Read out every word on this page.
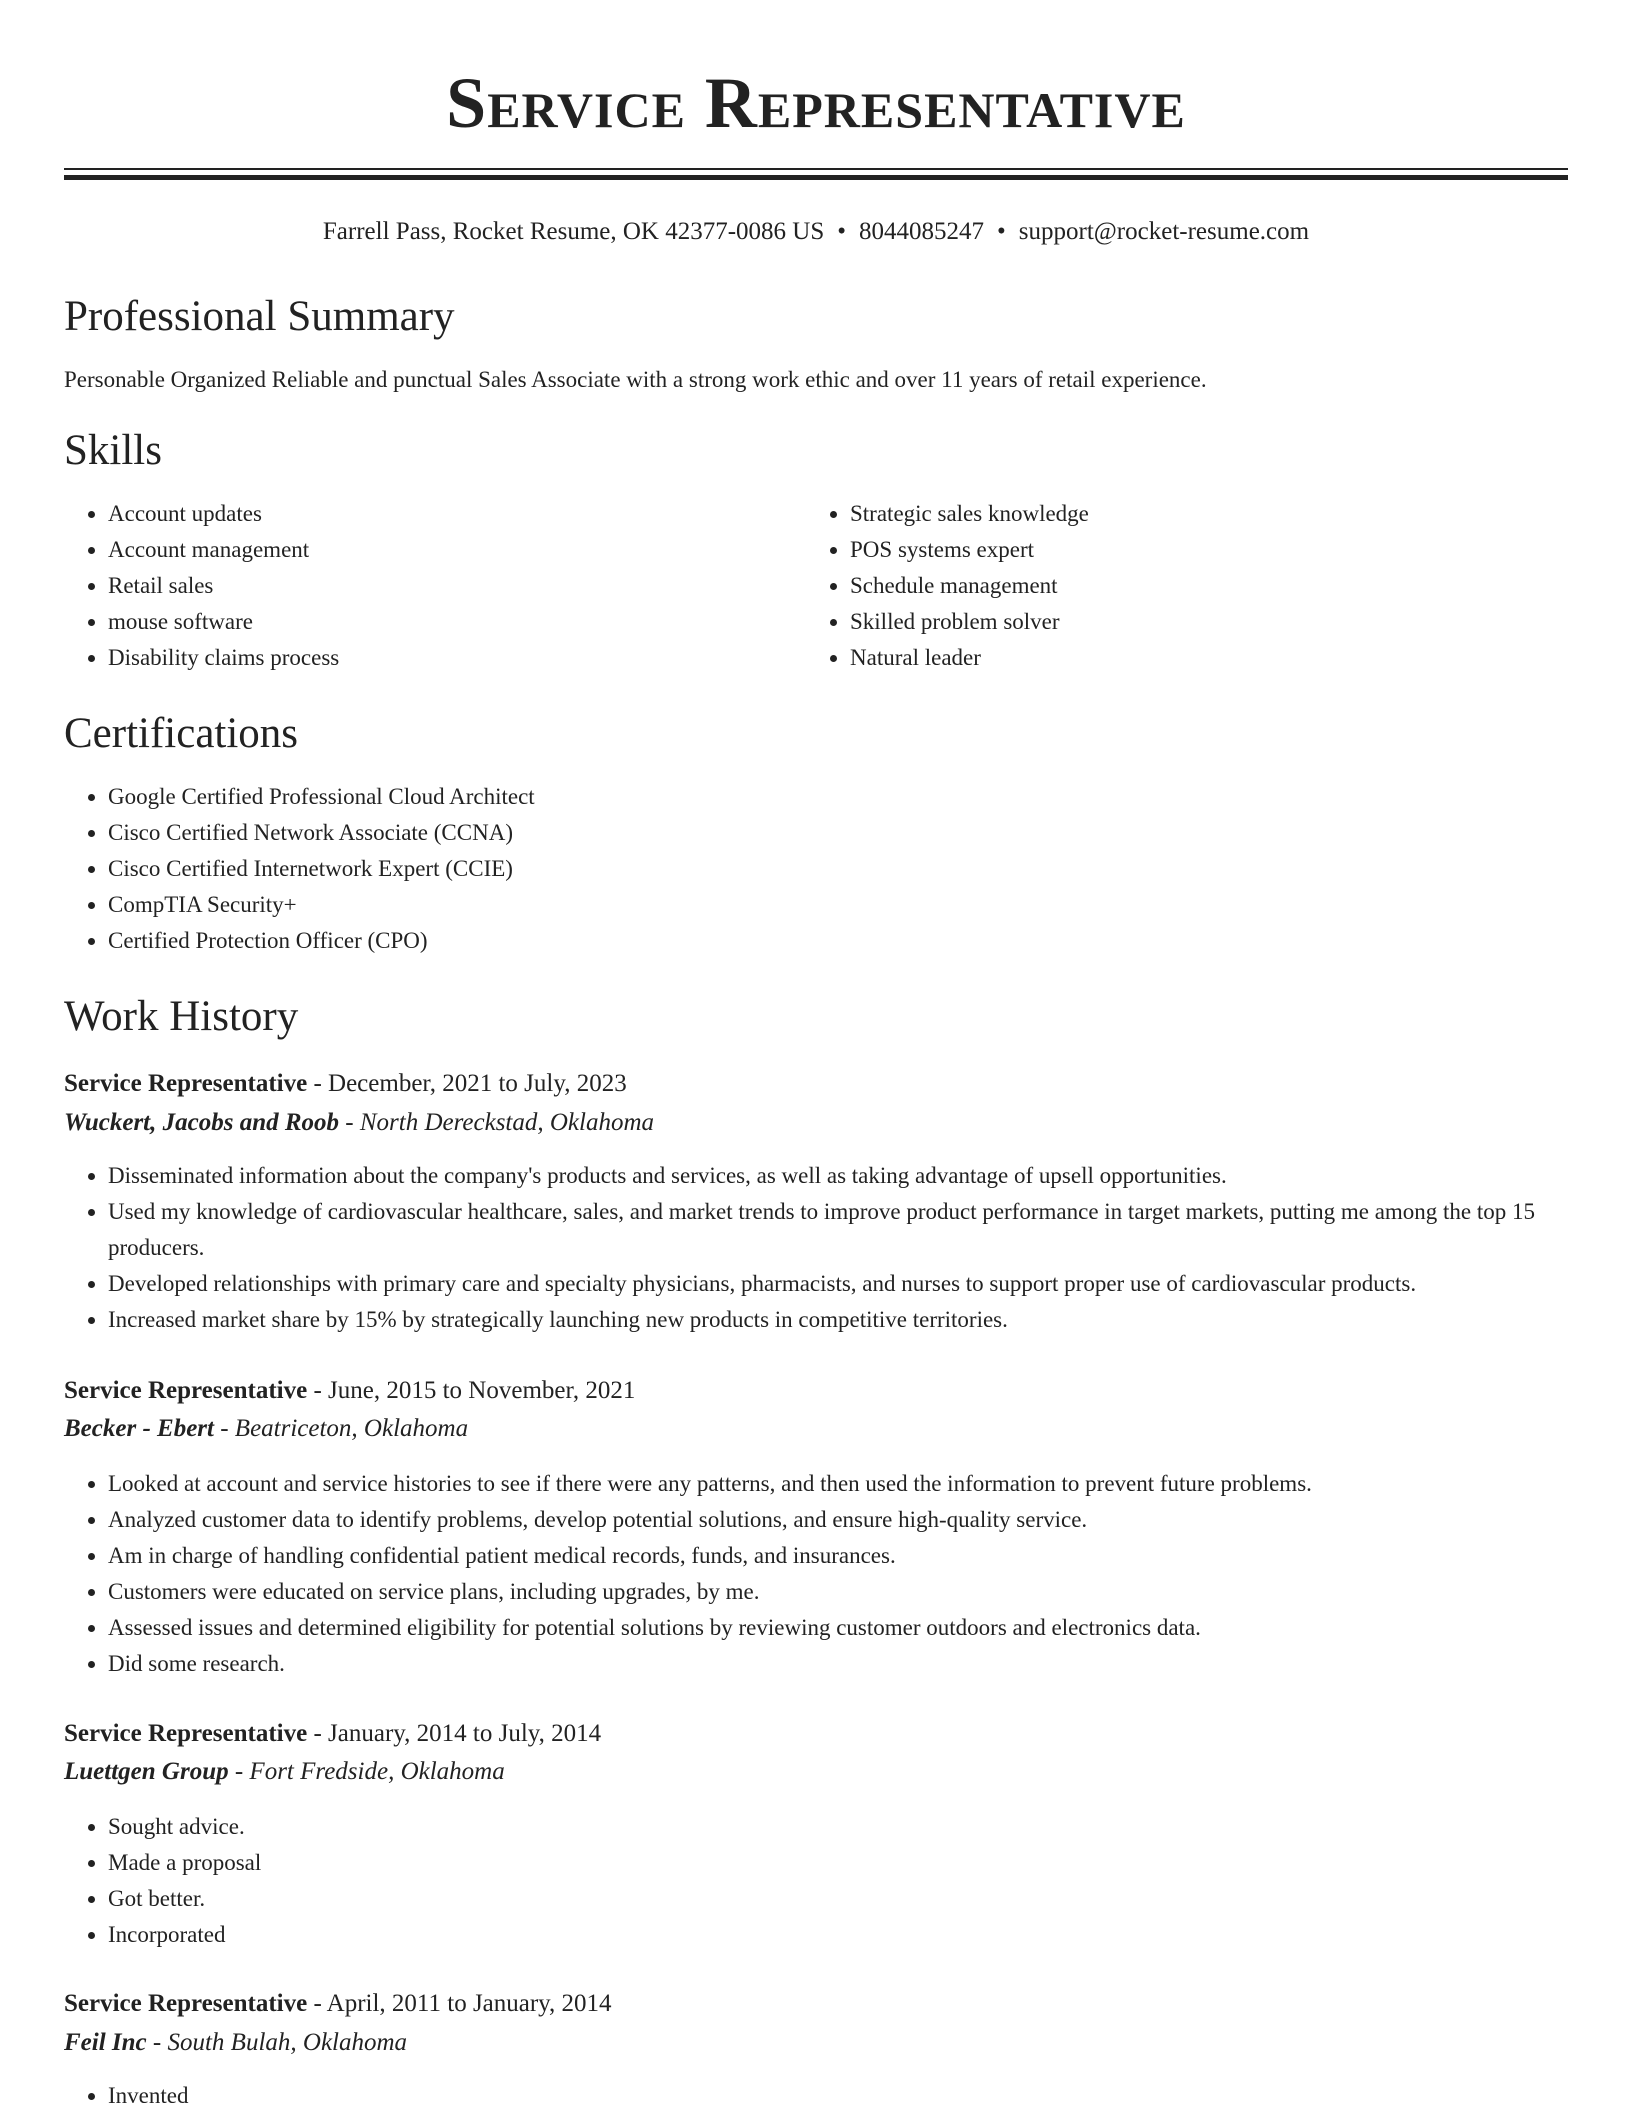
Service Representative
Farrell Pass, Rocket Resume, OK 42377-0086 US • 8044085247 • support@rocket-resume.com
Professional Summary
Personable Organized Reliable and punctual Sales Associate with a strong work ethic and over 11 years of retail experience.
Skills
• Account updates
• Account management
• Retail sales
• mouse software
• Disability claims process
• Strategic sales knowledge
• POS systems expert
• Schedule management
• Skilled problem solver
• Natural leader
Certifications
• Google Certified Professional Cloud Architect
• Cisco Certified Network Associate (CCNA)
• Cisco Certified Internetwork Expert (CCIE)
• CompTIA Security+
• Certified Protection Officer (CPO)
Work History
Service Representative - December, 2021 to July, 2023
Wuckert, Jacobs and Roob - North Dereckstad, Oklahoma
• Disseminated information about the company's products and services, as well as taking advantage of upsell opportunities.
• Used my knowledge of cardiovascular healthcare, sales, and market trends to improve product performance in target markets, putting me among the top 15 producers.
• Developed relationships with primary care and specialty physicians, pharmacists, and nurses to support proper use of cardiovascular products.
• Increased market share by 15% by strategically launching new products in competitive territories.
Service Representative - June, 2015 to November, 2021
Becker - Ebert - Beatriceton, Oklahoma
• Looked at account and service histories to see if there were any patterns, and then used the information to prevent future problems.
• Analyzed customer data to identify problems, develop potential solutions, and ensure high-quality service.
• Am in charge of handling confidential patient medical records, funds, and insurances.
• Customers were educated on service plans, including upgrades, by me.
• Assessed issues and determined eligibility for potential solutions by reviewing customer outdoors and electronics data.
• Did some research.
Service Representative - January, 2014 to July, 2014
Luettgen Group - Fort Fredside, Oklahoma
• Sought advice.
• Made a proposal
• Got better.
• Incorporated
Service Representative - April, 2011 to January, 2014
Feil Inc - South Bulah, Oklahoma
• Invented
